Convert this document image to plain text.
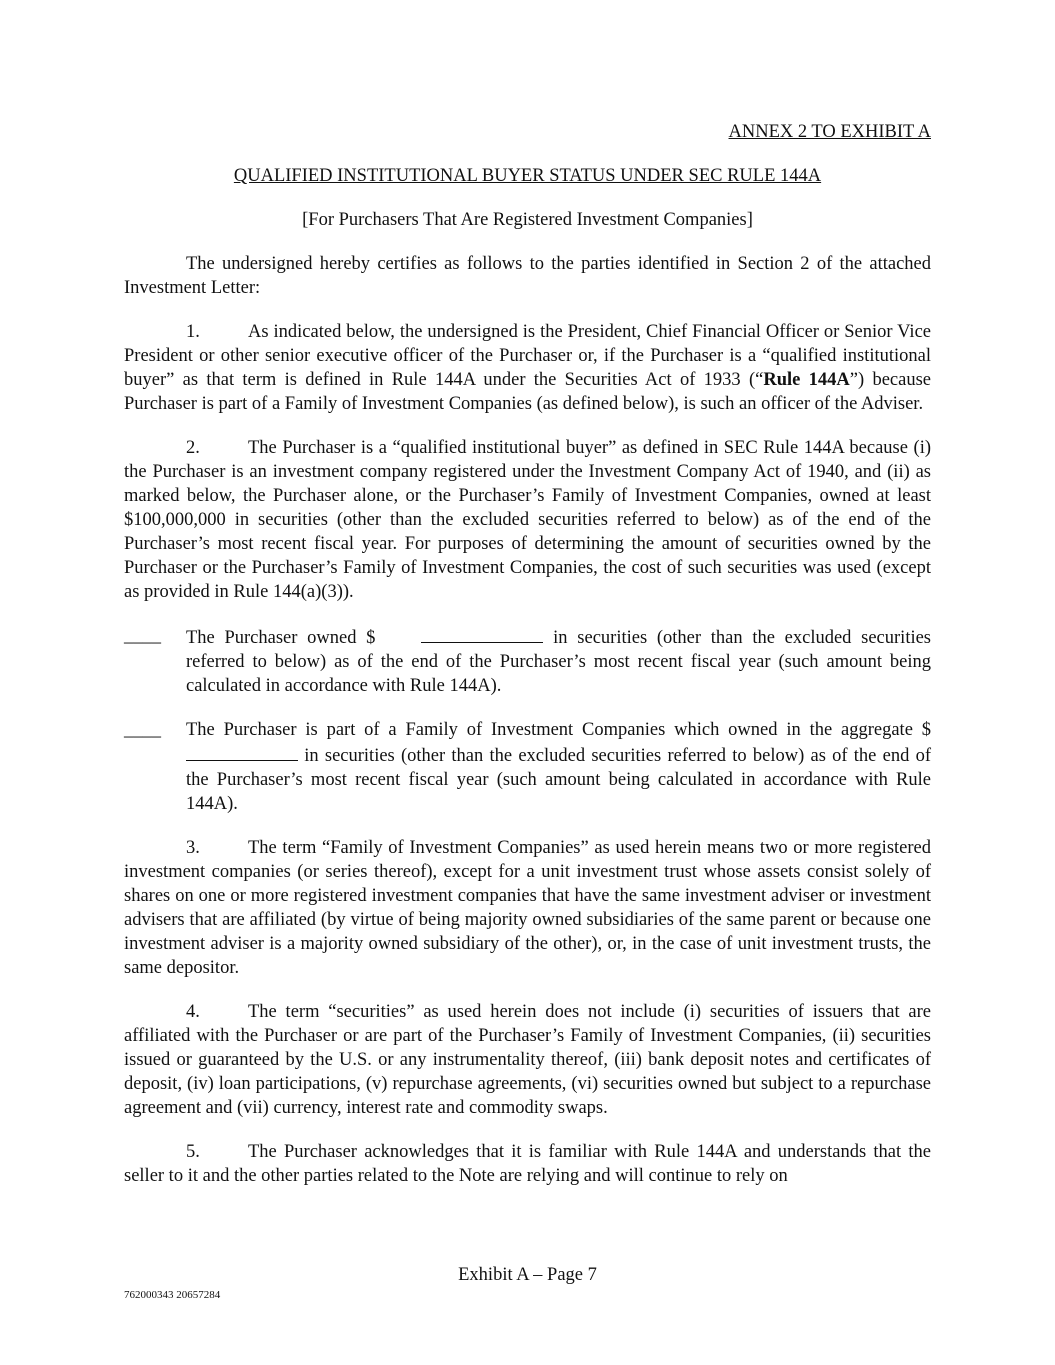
ANNEX 2 TO EXHIBIT A
QUALIFIED INSTITUTIONAL BUYER STATUS UNDER SEC RULE 144A
[For Purchasers That Are Registered Investment Companies]

The undersigned hereby certifies as follows to the parties identified in Section 2 of the attached Investment Letter:

1.	As indicated below, the undersigned is the President, Chief Financial Officer or Senior Vice President or other senior executive officer of the Purchaser or, if the Purchaser is a “qualified institutional buyer” as that term is defined in Rule 144A under the Securities Act of 1933 (“Rule 144A”) because Purchaser is part of a Family of Investment Companies (as defined below), is such an officer of the Adviser.

2.	The Purchaser is a “qualified institutional buyer” as defined in SEC Rule 144A because (i) the Purchaser is an investment company registered under the Investment Company Act of 1940, and (ii) as marked below, the Purchaser alone, or the Purchaser’s Family of Investment Companies, owned at least $100,000,000 in securities (other than the excluded securities referred to below) as of the end of the Purchaser’s most recent fiscal year. For purposes of determining the amount of securities owned by the Purchaser or the Purchaser’s Family of Investment Companies, the cost of such securities was used (except as provided in Rule 144(a)(3)).

____ The Purchaser owned $	in securities (other than the excluded securities referred to below) as of the end of the Purchaser’s most recent fiscal year (such amount being calculated in accordance with Rule 144A).
____ The Purchaser is part of a Family of Investment Companies which owned in the aggregate $ in securities (other than the excluded securities referred to below) as of the end of the Purchaser’s most recent fiscal year (such amount being calculated in accordance with Rule 144A).

3.	The term “Family of Investment Companies” as used herein means two or more registered investment companies (or series thereof), except for a unit investment trust whose assets consist solely of shares on one or more registered investment companies that have the same investment adviser or investment advisers that are affiliated (by virtue of being majority owned subsidiaries of the same parent or because one investment adviser is a majority owned subsidiary of the other), or, in the case of unit investment trusts, the same depositor.

4.	The term “securities” as used herein does not include (i) securities of issuers that are affiliated with the Purchaser or are part of the Purchaser’s Family of Investment Companies, (ii) securities issued or guaranteed by the U.S. or any instrumentality thereof, (iii) bank deposit notes and certificates of deposit, (iv) loan participations, (v) repurchase agreements, (vi) securities owned but subject to a repurchase agreement and (vii) currency, interest rate and commodity swaps.

5.	The Purchaser acknowledges that it is familiar with Rule 144A and understands that the seller to it and the other parties related to the Note are relying and will continue to rely on

Exhibit A – Page 7
762000343 20657284
